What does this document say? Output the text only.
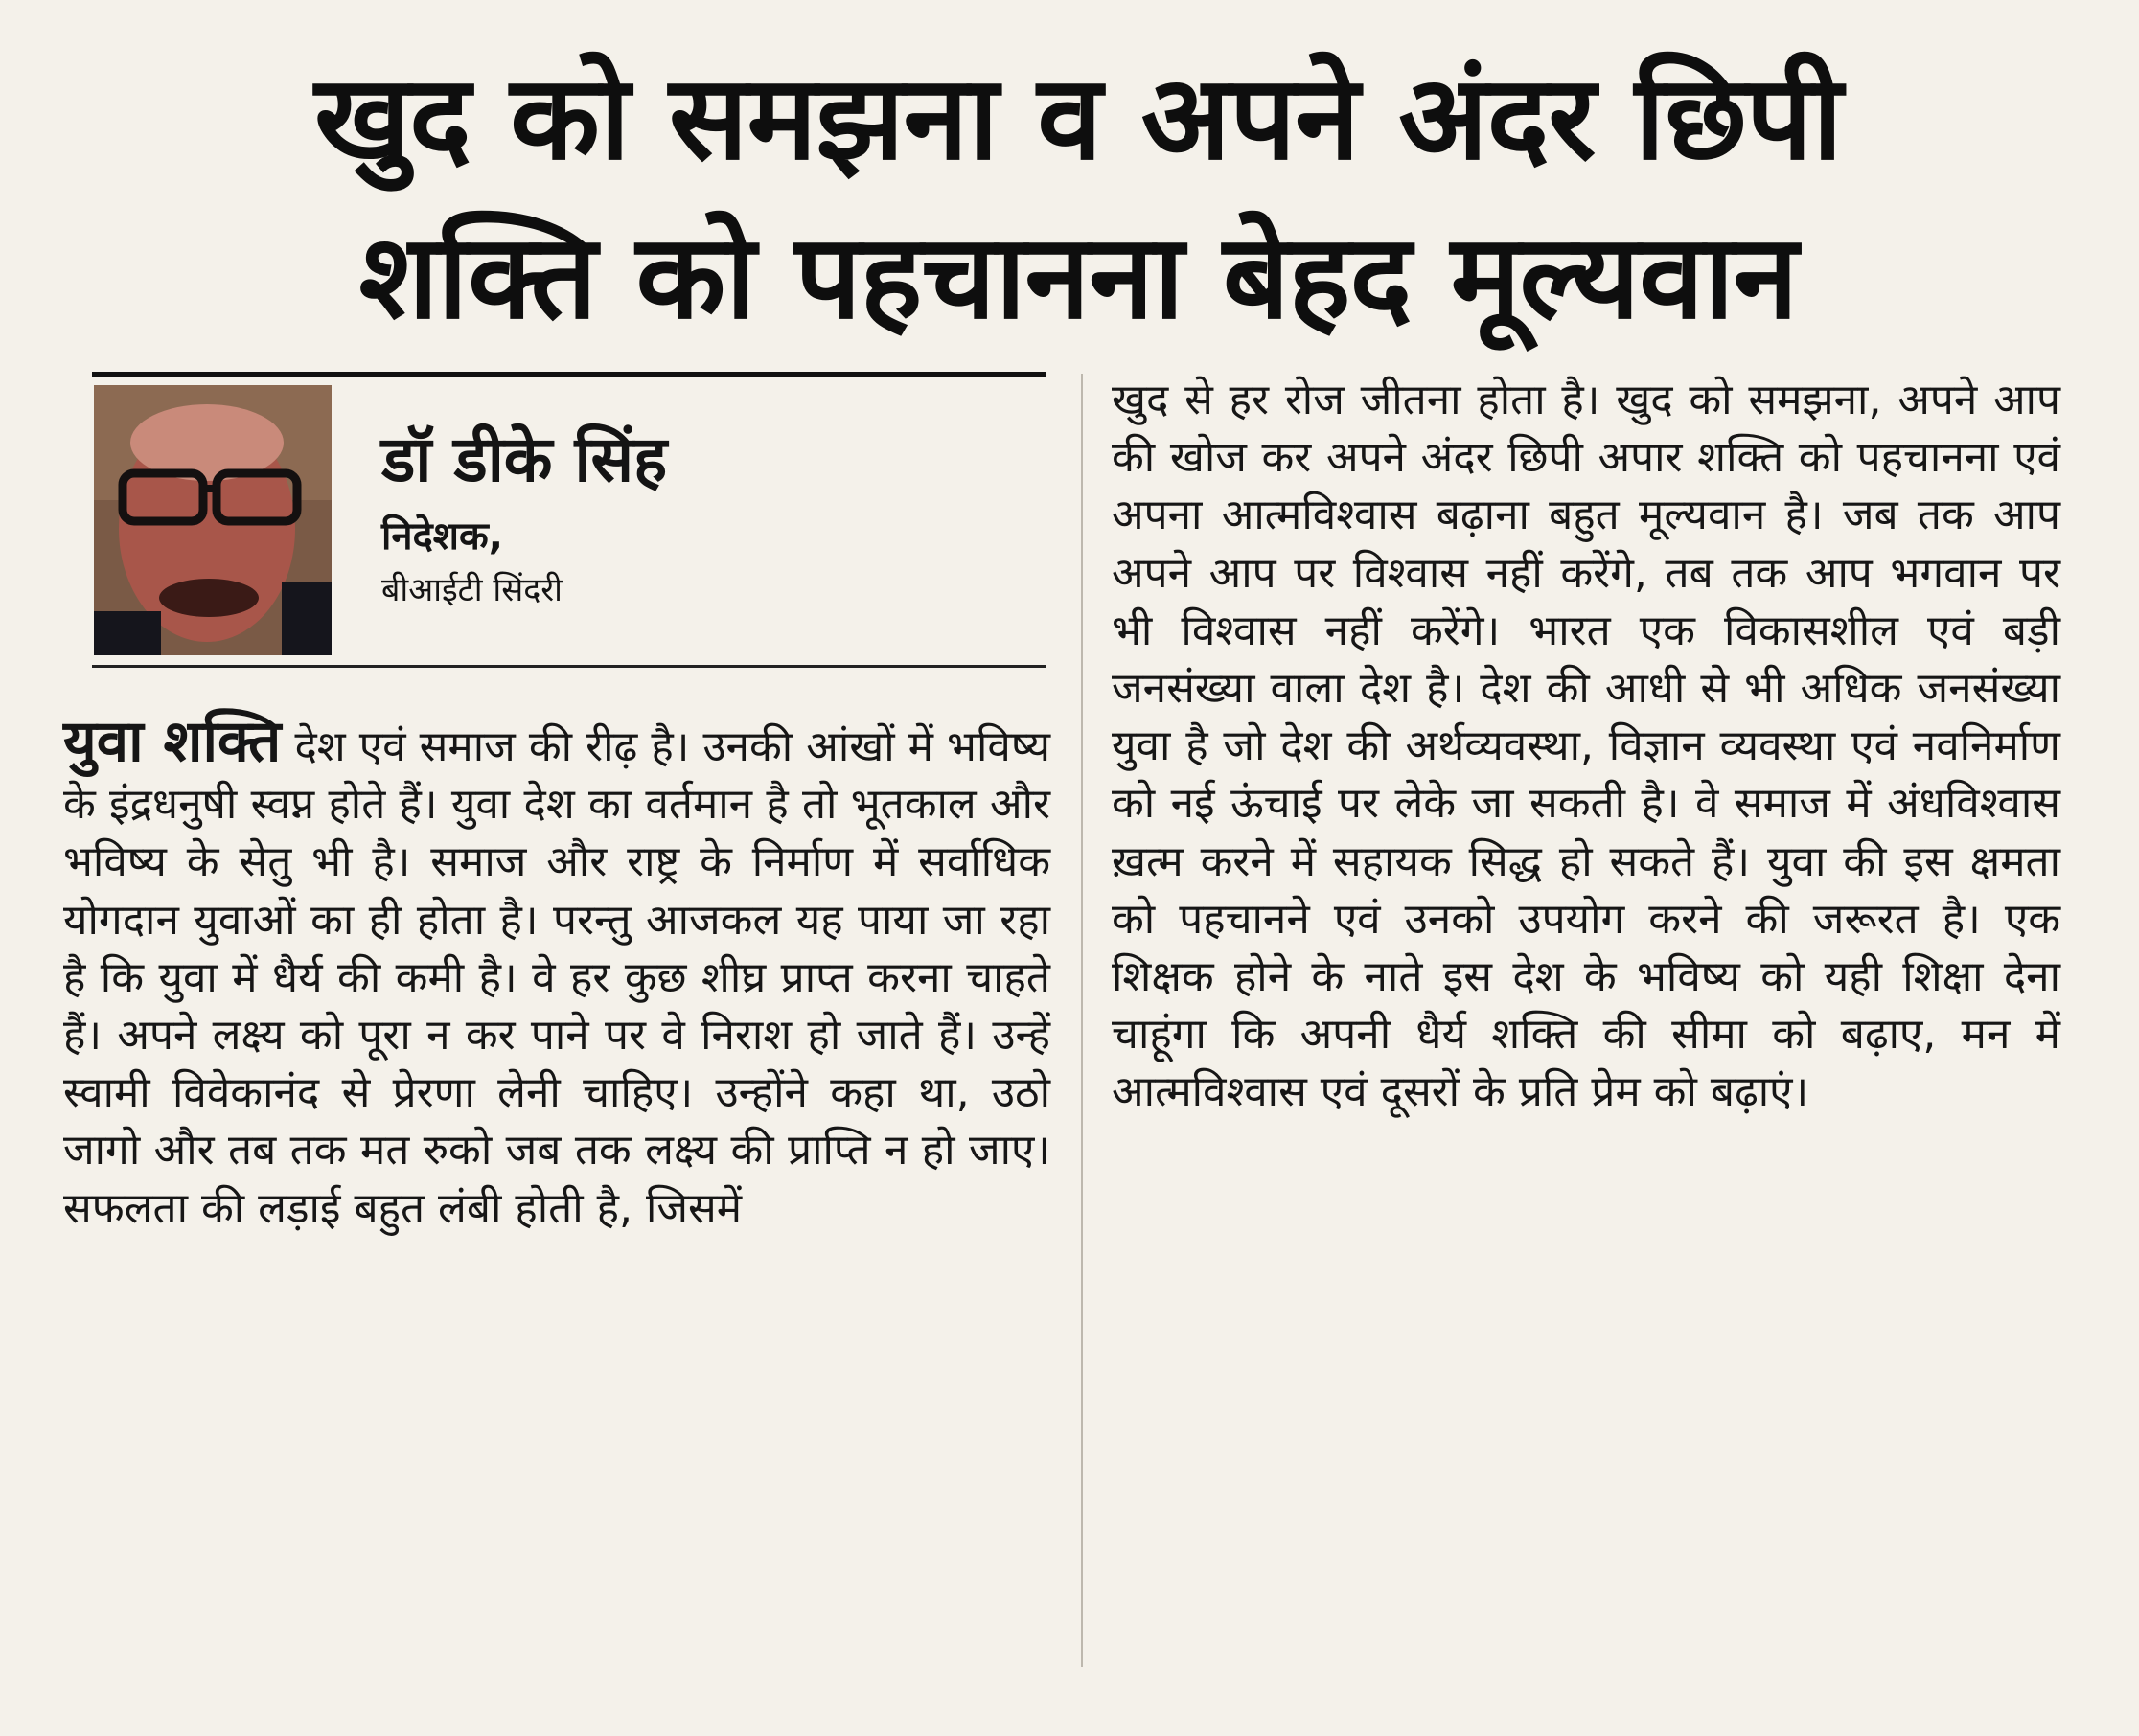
खुद को समझना व अपने अंदर छिपी
शक्ति को पहचानना बेहद मूल्यवान
डॉ डीके सिंह
निदेशक,
बीआईटी सिंदरी
युवा शक्ति देश एवं समाज की रीढ़ है। उनकी आंखों में भविष्य के इंद्रधनुषी स्वप्न होते हैं। युवा देश का वर्तमान है तो भूतकाल और भविष्य के सेतु भी है। समाज और राष्ट्र के निर्माण में सर्वाधिक योगदान युवाओं का ही होता है। परन्तु आजकल यह पाया जा रहा है कि युवा में धैर्य की कमी है। वे हर कुछ शीघ्र प्राप्त करना चाहते हैं। अपने लक्ष्य को पूरा न कर पाने पर वे निराश हो जाते हैं। उन्हें स्वामी विवेकानंद से प्रेरणा लेनी चाहिए। उन्होंने कहा था, उठो जागो और तब तक मत रुको जब तक लक्ष्य की प्राप्ति न हो जाए। सफलता की लड़ाई बहुत लंबी होती है, जिसमें
खुद से हर रोज जीतना होता है। खुद को समझना, अपने आप की खोज कर अपने अंदर छिपी अपार शक्ति को पहचानना एवं अपना आत्मविश्वास बढ़ाना बहुत मूल्यवान है। जब तक आप अपने आप पर विश्वास नहीं करेंगे, तब तक आप भगवान पर भी विश्वास नहीं करेंगे। भारत एक विकासशील एवं बड़ी जनसंख्या वाला देश है। देश की आधी से भी अधिक जनसंख्या युवा है जो देश की अर्थव्यवस्था, विज्ञान व्यवस्था एवं नवनिर्माण को नई ऊंचाई पर लेके जा सकती है। वे समाज में अंधविश्वास ख़त्म करने में सहायक सिद्ध हो सकते हैं। युवा की इस क्षमता को पहचानने एवं उनको उपयोग करने की जरूरत है। एक शिक्षक होने के नाते इस देश के भविष्य को यही शिक्षा देना चाहूंगा कि अपनी धैर्य शक्ति की सीमा को बढ़ाए, मन में आत्मविश्वास एवं दूसरों के प्रति प्रेम को बढ़ाएं।
